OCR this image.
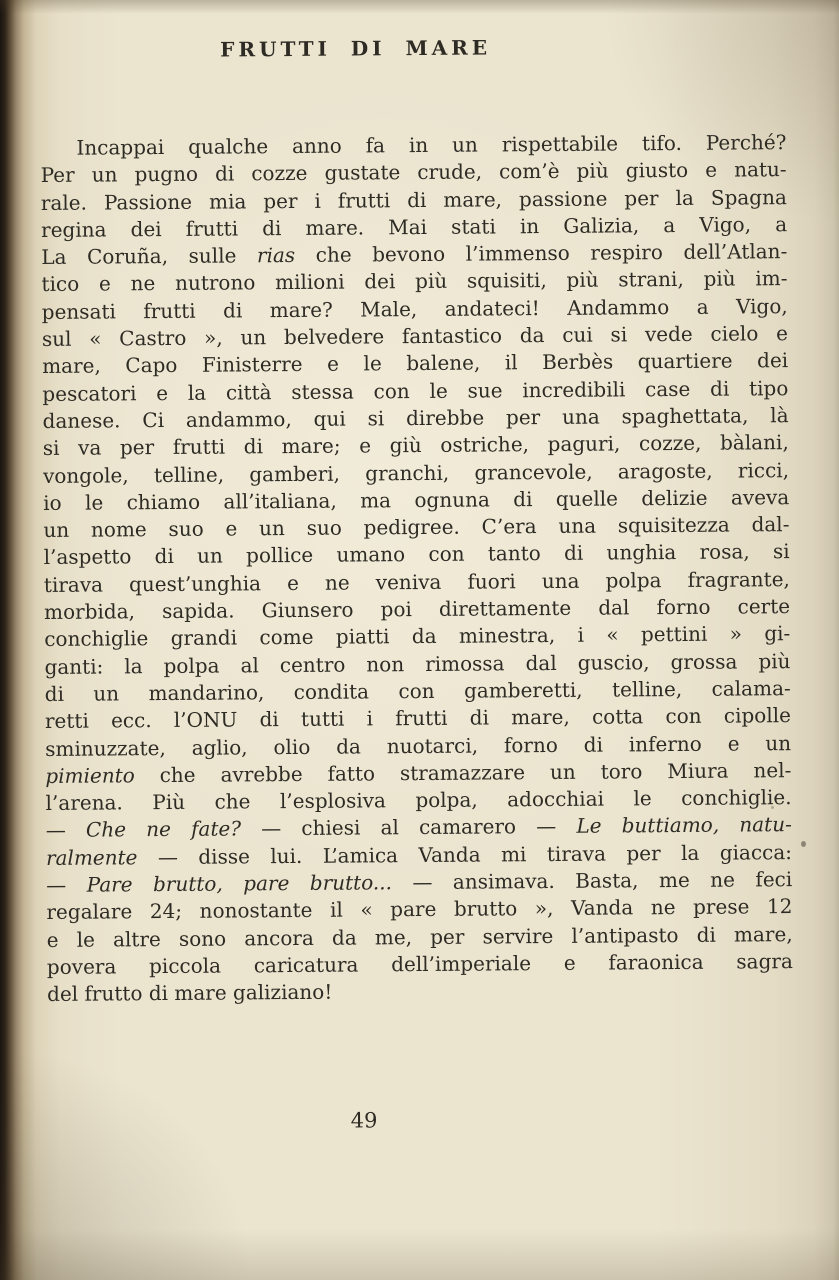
FRUTTI DI MARE
Incappai qualche anno fa in un rispettabile tifo. Perché?
Per un pugno di cozze gustate crude, com’è più giusto e natu-
rale. Passione mia per i frutti di mare, passione per la Spagna
regina dei frutti di mare. Mai stati in Galizia, a Vigo, a
La Coruña, sulle rias che bevono l’immenso respiro dell’Atlan-
tico e ne nutrono milioni dei più squisiti, più strani, più im-
pensati frutti di mare? Male, andateci! Andammo a Vigo,
sul « Castro », un belvedere fantastico da cui si vede cielo e
mare, Capo Finisterre e le balene, il Berbès quartiere dei
pescatori e la città stessa con le sue incredibili case di tipo
danese. Ci andammo, qui si direbbe per una spaghettata, là
si va per frutti di mare; e giù ostriche, paguri, cozze, bàlani,
vongole, telline, gamberi, granchi, grancevole, aragoste, ricci,
io le chiamo all’italiana, ma ognuna di quelle delizie aveva
un nome suo e un suo pedigree. C’era una squisitezza dal-
l’aspetto di un pollice umano con tanto di unghia rosa, si
tirava quest’unghia e ne veniva fuori una polpa fragrante,
morbida, sapida. Giunsero poi direttamente dal forno certe
conchiglie grandi come piatti da minestra, i « pettini » gi-
ganti: la polpa al centro non rimossa dal guscio, grossa più
di un mandarino, condita con gamberetti, telline, calama-
retti ecc. l’ONU di tutti i frutti di mare, cotta con cipolle
sminuzzate, aglio, olio da nuotarci, forno di inferno e un
pimiento che avrebbe fatto stramazzare un toro Miura nel-
l’arena. Più che l’esplosiva polpa, adocchiai le conchiglie.
— Che ne fate? — chiesi al camarero — Le buttiamo, natu-
ralmente — disse lui. L’amica Vanda mi tirava per la giacca:
— Pare brutto, pare brutto... — ansimava. Basta, me ne feci
regalare 24; nonostante il « pare brutto », Vanda ne prese 12
e le altre sono ancora da me, per servire l’antipasto di mare,
povera piccola caricatura dell’imperiale e faraonica sagra
del frutto di mare galiziano!
49
